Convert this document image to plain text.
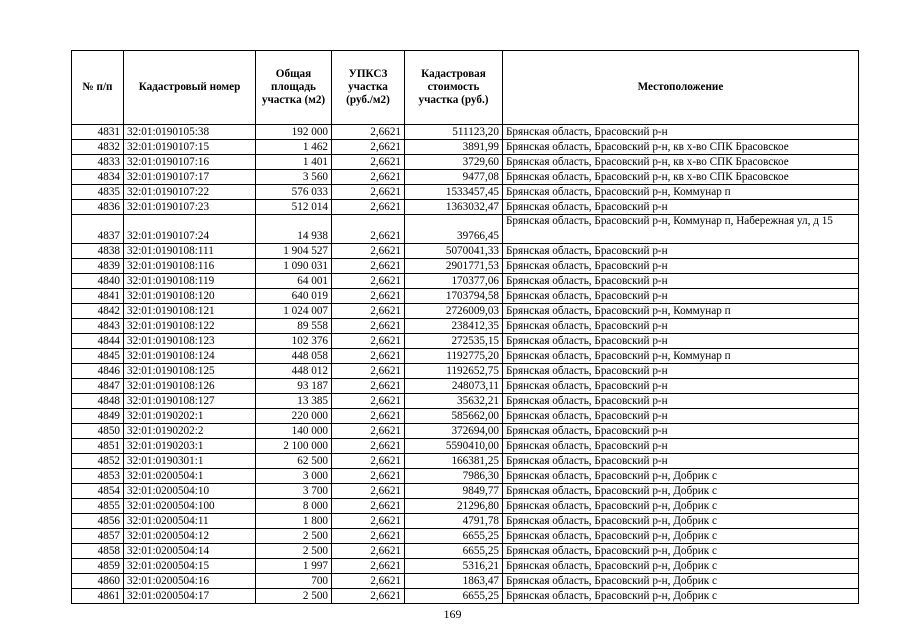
№ п/п	Кадастровый номер	Общая площадь участка (м2)	УПКСЗ участка (руб./м2)	Кадастровая стоимость участка (руб.)	Местоположение
4831	32:01:0190105:38	192 000	2,6621	511123,20	Брянская область, Брасовский р-н
4832	32:01:0190107:15	1 462	2,6621	3891,99	Брянская область, Брасовский р-н, кв х-во СПК Брасовское
4833	32:01:0190107:16	1 401	2,6621	3729,60	Брянская область, Брасовский р-н, кв х-во СПК Брасовское
4834	32:01:0190107:17	3 560	2,6621	9477,08	Брянская область, Брасовский р-н, кв х-во СПК Брасовское
4835	32:01:0190107:22	576 033	2,6621	1533457,45	Брянская область, Брасовский р-н, Коммунар п
4836	32:01:0190107:23	512 014	2,6621	1363032,47	Брянская область, Брасовский р-н
4837	32:01:0190107:24	14 938	2,6621	39766,45	Брянская область, Брасовский р-н, Коммунар п, Набережная ул, д 15
4838	32:01:0190108:111	1 904 527	2,6621	5070041,33	Брянская область, Брасовский р-н
4839	32:01:0190108:116	1 090 031	2,6621	2901771,53	Брянская область, Брасовский р-н
4840	32:01:0190108:119	64 001	2,6621	170377,06	Брянская область, Брасовский р-н
4841	32:01:0190108:120	640 019	2,6621	1703794,58	Брянская область, Брасовский р-н
4842	32:01:0190108:121	1 024 007	2,6621	2726009,03	Брянская область, Брасовский р-н, Коммунар п
4843	32:01:0190108:122	89 558	2,6621	238412,35	Брянская область, Брасовский р-н
4844	32:01:0190108:123	102 376	2,6621	272535,15	Брянская область, Брасовский р-н
4845	32:01:0190108:124	448 058	2,6621	1192775,20	Брянская область, Брасовский р-н, Коммунар п
4846	32:01:0190108:125	448 012	2,6621	1192652,75	Брянская область, Брасовский р-н
4847	32:01:0190108:126	93 187	2,6621	248073,11	Брянская область, Брасовский р-н
4848	32:01:0190108:127	13 385	2,6621	35632,21	Брянская область, Брасовский р-н
4849	32:01:0190202:1	220 000	2,6621	585662,00	Брянская область, Брасовский р-н
4850	32:01:0190202:2	140 000	2,6621	372694,00	Брянская область, Брасовский р-н
4851	32:01:0190203:1	2 100 000	2,6621	5590410,00	Брянская область, Брасовский р-н
4852	32:01:0190301:1	62 500	2,6621	166381,25	Брянская область, Брасовский р-н
4853	32:01:0200504:1	3 000	2,6621	7986,30	Брянская область, Брасовский р-н, Добрик с
4854	32:01:0200504:10	3 700	2,6621	9849,77	Брянская область, Брасовский р-н, Добрик с
4855	32:01:0200504:100	8 000	2,6621	21296,80	Брянская область, Брасовский р-н, Добрик с
4856	32:01:0200504:11	1 800	2,6621	4791,78	Брянская область, Брасовский р-н, Добрик с
4857	32:01:0200504:12	2 500	2,6621	6655,25	Брянская область, Брасовский р-н, Добрик с
4858	32:01:0200504:14	2 500	2,6621	6655,25	Брянская область, Брасовский р-н, Добрик с
4859	32:01:0200504:15	1 997	2,6621	5316,21	Брянская область, Брасовский р-н, Добрик с
4860	32:01:0200504:16	700	2,6621	1863,47	Брянская область, Брасовский р-н, Добрик с
4861	32:01:0200504:17	2 500	2,6621	6655,25	Брянская область, Брасовский р-н, Добрик с
169
